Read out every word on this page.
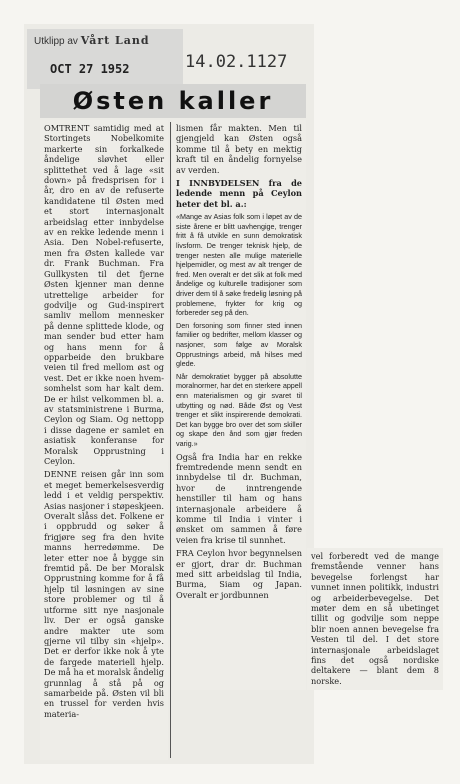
Utklipp av Vårt Land
OCT 27 1952	14.02.1127
Østen kaller

OMTRENT samtidig med at Stortingets Nobelkomite markerte sin forkalkede åndelige sløvhet eller splittethet ved å lage «sit down» på fredsprisen for i år, dro en av de refuserte kandidatene til Østen med et stort internasjonalt arbeidslag etter innbydelse av en rekke ledende menn i Asia. Den Nobel-refuserte, men fra Østen kallede var dr. Frank Buchman. Fra Gullkysten til det fjerne Østen kjenner man denne utrettelige arbeider for godvilje og Gud-inspirert samliv mellom mennesker på denne splittede klode, og man sender bud etter ham og hans menn for å opparbeide den brukbare veien til fred mellom øst og vest. Det er ikke noen hvem-somhelst som har kalt dem. De er hilst velkommen bl. a. av statsministrene i Burma, Ceylon og Siam. Og nettopp i disse dagene er samlet en asiatisk konferanse for Moralsk Opprustning i Ceylon.

DENNE reisen går inn som et meget bemerkelsesverdig ledd i et veldig perspektiv. Asias nasjoner i støpeskjeen. Overalt slåss det. Folkene er i oppbrudd og søker å frigjøre seg fra den hvite manns herredømme. De leter etter noe å bygge sin fremtid på. De ber Moralsk Opprustning komme for å få hjelp til løsningen av sine store problemer og til å utforme sitt nye nasjonale liv. Der er også ganske andre makter ute som gjerne vil tilby sin «hjelp». Det er derfor ikke nok å yte de fargede materiell hjelp. De må ha et moralsk åndelig grunnlag å stå på og samarbeide på. Østen vil bli en trussel for verden hvis materia-

lismen får makten. Men til gjengjeld kan Østen også komme til å bety en mektig kraft til en åndelig fornyelse av verden.

I INNBYDELSEN fra de ledende menn på Ceylon heter det bl. a.:

«Mange av Asias folk som i løpet av de siste årene er blitt uavhengige, trenger fritt å få utvikle en sunn demokratisk livsform. De trenger teknisk hjelp, de trenger nesten alle mulige materielle hjelpemidler, og mest av alt trenger de fred. Men overalt er det slik at folk med åndelige og kulturelle tradisjoner som driver dem til å søke fredelig løsning på problemene, frykter for krig og forbereder seg på den.

Den forsoning som finner sted innen familier og bedrifter, mellom klasser og nasjoner, som følge av Moralsk Opprustnings arbeid, må hilses med glede.

Når demokratiet bygger på absolutte moralnormer, har det en sterkere appell enn materialismen og gir svaret til utbytting og nød. Både Øst og Vest trenger et slikt inspirerende demokrati. Det kan bygge bro over det som skiller og skape den ånd som gjør freden varig.»

Også fra India har en rekke fremtredende menn sendt en innbydelse til dr. Buchman, hvor de inntrengende henstiller til ham og hans internasjonale arbeidere å komme til India i vinter i ønsket om sammen å føre veien fra krise til sunnhet.

FRA Ceylon hvor begynnelsen er gjort, drar dr. Buchman med sitt arbeidslag til India, Burma, Siam og Japan. Overalt er jordbunnen

vel forberedt ved de mange fremstående venner hans bevegelse forlengst har vunnet innen politikk, industri og arbeiderbevegelse. Det møter dem en så ubetinget tillit og godvilje som neppe blir noen annen bevegelse fra Vesten til del. I det store internasjonale arbeidslaget fins det også nordiske deltakere — blant dem 8 norske.
